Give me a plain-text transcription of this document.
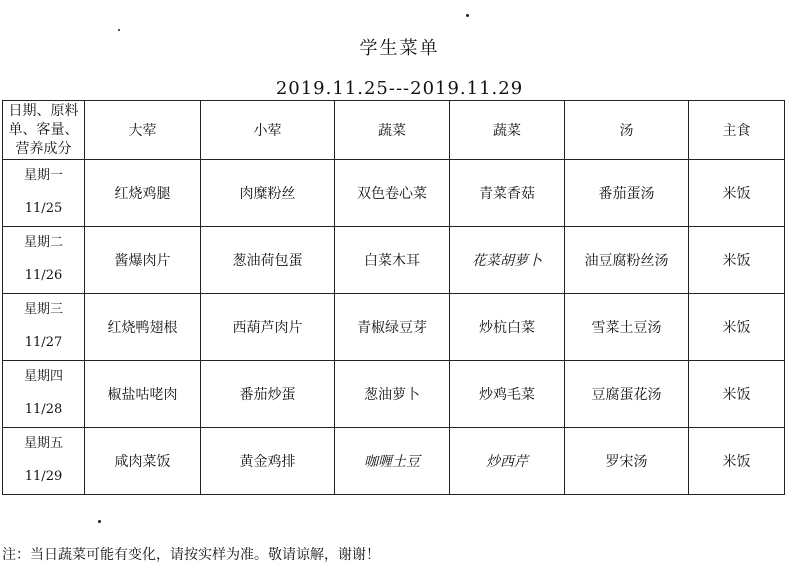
学生菜单
2019.11.25---2019.11.29
日期、原料
单、客量、
营养成分	大荤	小荤	蔬菜	蔬菜	汤	主食

星期一
11/25	红烧鸡腿	肉糜粉丝	双色卷心菜	青菜香菇	番茄蛋汤	米饭

星期二
11/26	酱爆肉片	葱油荷包蛋	白菜木耳	花菜胡萝卜	油豆腐粉丝汤	米饭

星期三
11/27	红烧鸭翅根	西葫芦肉片	青椒绿豆芽	炒杭白菜	雪菜土豆汤	米饭

星期四
11/28	椒盐咕咾肉	番茄炒蛋	葱油萝卜	炒鸡毛菜	豆腐蛋花汤	米饭

星期五
11/29	咸肉菜饭	黄金鸡排	咖喱土豆	炒西芹	罗宋汤	米饭
注：当日蔬菜可能有变化，请按实样为准。敬请谅解，谢谢！
